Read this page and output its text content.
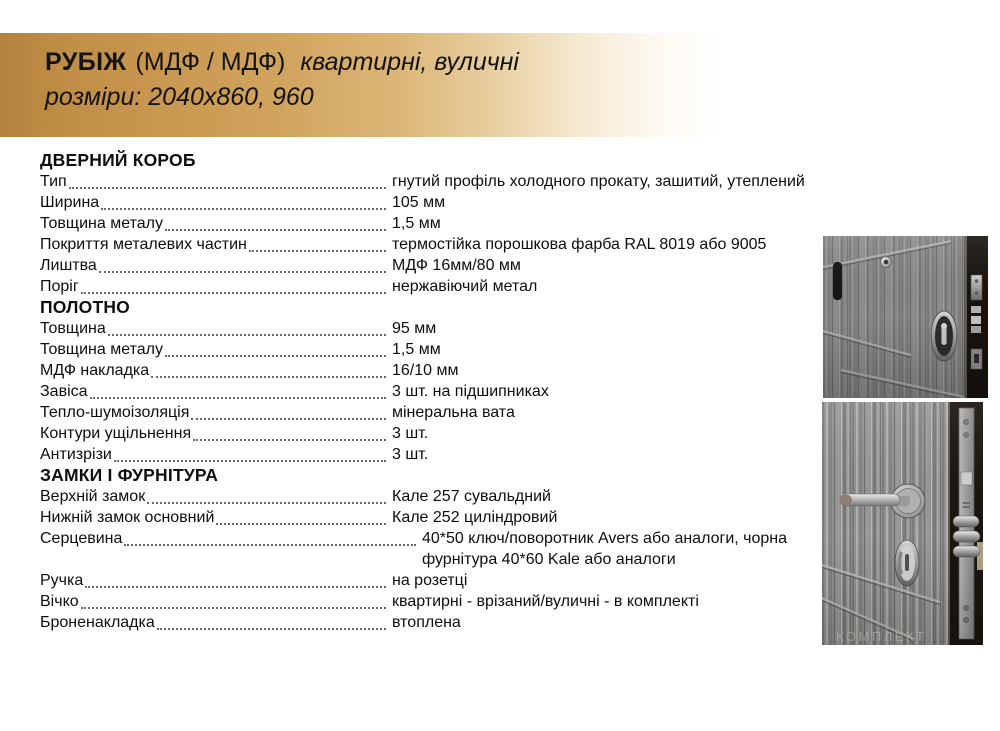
РУБІЖ (МДФ / МДФ) квартирні, вуличні
розміри: 2040x860, 960
ДВЕРНИЙ КОРОБ
Тип	гнутий профіль холодного прокату, зашитий, утеплений
Ширина	105 мм
Товщина металу	1,5 мм
Покриття металевих частин	термостійка порошкова фарба RAL 8019 або 9005
Лиштва	МДФ 16мм/80 мм
Поріг	нержавіючий метал
ПОЛОТНО
Товщина	95 мм
Товщина металу	1,5 мм
МДФ накладка	16/10 мм
Завіса	3 шт. на підшипниках
Тепло-шумоізоляція	мінеральна вата
Контури ущільнення	3 шт.
Антизрізи	3 шт.
ЗАМКИ І ФУРНІТУРА
Верхній замок	Кале 257 сувальдний
Нижній замок основний	Кале 252 циліндровий
Серцевина	40*50 ключ/поворотник Avers або аналоги, чорна фурнітура 40*60 Kale або аналоги
Ручка	на розетці
Вічко	квартирні - врізаний/вуличні - в комплекті
Броненакладка	втоплена
КОМПЛЕКТ
